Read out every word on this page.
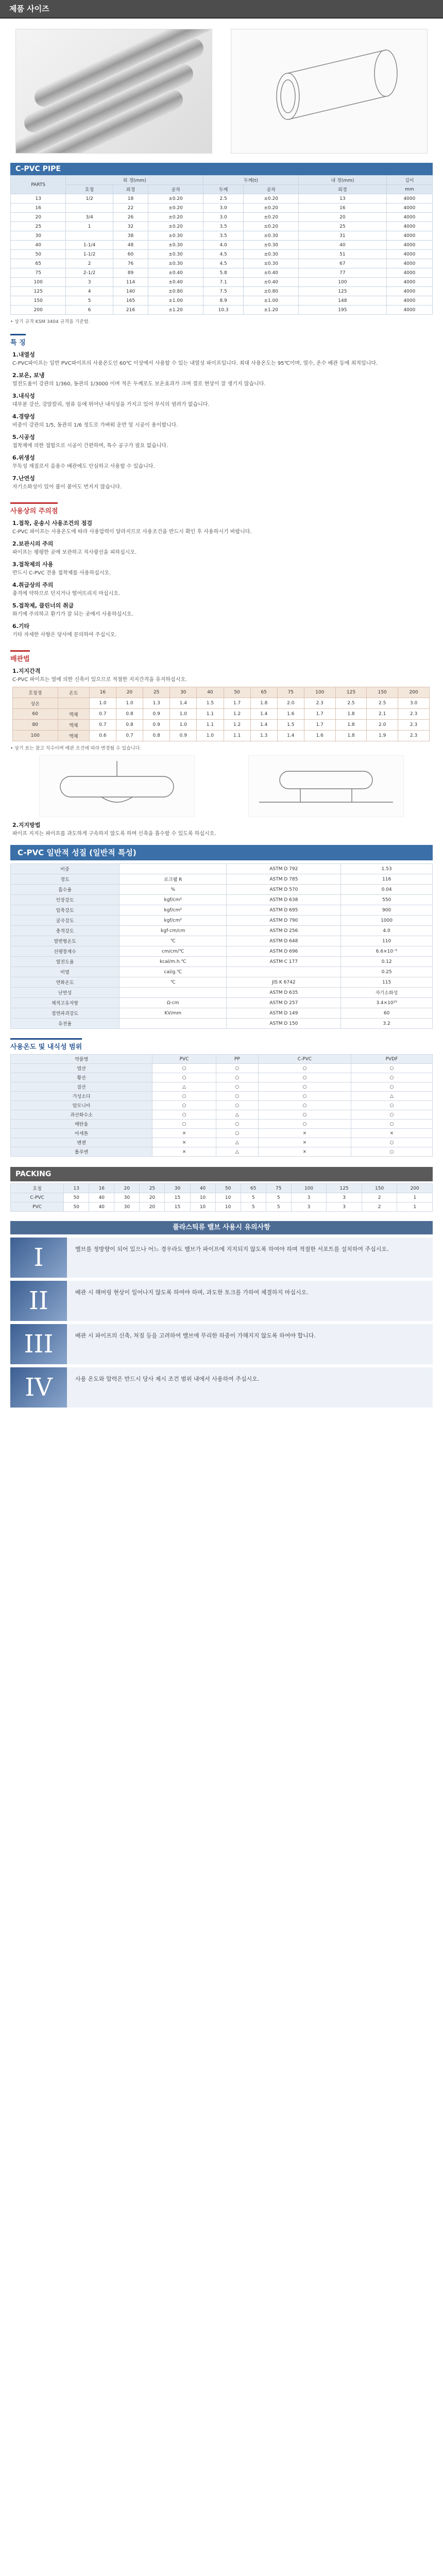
제품 사이즈
C-PVC PIPE
PARTS	외 경(mm)			두께(t)		내 경(mm)	길이
	호칭	외경	공차	두께	공차	외경	mm
13	1/2	18	±0.20	2.5	±0.20	13	4000
16		22	±0.20	3.0	±0.20	16	4000
20	3/4	26	±0.20	3.0	±0.20	20	4000
25	1	32	±0.20	3.5	±0.20	25	4000
30		38	±0.30	3.5	±0.30	31	4000
40	1-1/4	48	±0.30	4.0	±0.30	40	4000
50	1-1/2	60	±0.30	4.5	±0.30	51	4000
65	2	76	±0.30	4.5	±0.30	67	4000
75	2-1/2	89	±0.40	5.8	±0.40	77	4000
100	3	114	±0.40	7.1	±0.40	100	4000
125	4	140	±0.80	7.5	±0.80	125	4000
150	5	165	±1.00	8.9	±1.00	148	4000
200	6	216	±1.20	10.3	±1.20	195	4000
• 상기 규격 KSM 3404 규격을 기준함.
특 징
1.내열성

C-PVC파이프는 일반 PVC파이프의 사용온도인 60℃ 이상에서 사용할 수 있는 내열성 파이프입니다. 최대 사용온도는 95℃이며, 열수, 온수 배관 등에 최적입니다.

2.보온, 보냉

열전도율이 강관의 1/360, 동관의 1/3000 이며 적은 두께로도 보온효과가 크며 결로 현상이 잘 생기지 않습니다.

3.내식성

대부분 강산, 강알칼리, 염류 등에 뛰어난 내식성을 가지고 있어 부식의 염려가 없습니다.

4.경량성

비중이 강관의 1/5, 동관의 1/6 정도로 가벼워 운반 및 시공이 용이합니다.

5.시공성

접착제에 의한 접합으로 시공이 간편하며, 특수 공구가 필요 없습니다.

6.위생성

무독성 재질로서 음용수 배관에도 안심하고 사용할 수 있습니다.

7.난연성

자기소화성이 있어 불이 붙어도 번지지 않습니다.

사용상의 주의점
1.접착, 운송시 사용조건의 점검

C-PVC 파이프는 사용온도에 따라 사용압력이 달라지므로 사용조건을 반드시 확인 후 사용하시기 바랍니다.

2.보관시의 주의

파이프는 평평한 곳에 보관하고 직사광선을 피하십시오.

3.접착제의 사용

반드시 C-PVC 전용 접착제를 사용하십시오.

4.취급상의 주의

충격에 약하므로 던지거나 떨어뜨리지 마십시오.

5.접착제, 클린너의 취급

화기에 주의하고 환기가 잘 되는 곳에서 사용하십시오.

6.기타

기타 자세한 사항은 당사에 문의하여 주십시오.

배관법
1.지지간격

C-PVC 파이프는 열에 의한 신축이 있으므로 적절한 지지간격을 유지하십시오.

호칭경	온도	16	20	25	30	40	50	65	75	100	125	150	200
상온		1.0	1.0	1.3	1.4	1.5	1.7	1.8	2.0	2.3	2.5	2.5	3.0
60	액체	0.7	0.8	0.9	1.0	1.1	1.2	1.4	1.6	1.7	1.8	2.1	2.3
80	액체	0.7	0.8	0.9	1.0	1.1	1.2	1.4	1.5	1.7	1.8	2.0	2.3
100	액체	0.6	0.7	0.8	0.9	1.0	1.1	1.3	1.4	1.6	1.8	1.9	2.3
• 상기 표는 참고 치수이며 배관 조건에 따라 변경될 수 있습니다.
2.지지방법

파이프 지지는 파이프를 과도하게 구속하지 않도록 하며 신축을 흡수할 수 있도록 하십시오.

C-PVC 일반적 성질 (일반적 특성)
비중		ASTM D 792	1.53
경도	로크웰 R	ASTM D 785	116
흡수율	%	ASTM D 570	0.04
인장강도	kgf/cm²	ASTM D 638	550
압축강도	kgf/cm²	ASTM D 695	900
굴곡강도	kgf/cm²	ASTM D 790	1000
충격강도	kgf·cm/cm	ASTM D 256	4.0
열변형온도	℃	ASTM D 648	110
선팽창계수	cm/cm/℃	ASTM D 696	6.6×10⁻⁵
열전도율	kcal/m.h.℃	ASTM C 177	0.12
비열	cal/g.℃		0.25
연화온도	℃	JIS K 6742	115
난연성		ASTM D 635	자기소화성
체적고유저항	Ω·cm	ASTM D 257	3.4×10¹⁵
절연파괴강도	KV/mm	ASTM D 149	60
유전율		ASTM D 150	3.2
사용온도 및 내식성 범위
약품명	PVC	PP	C-PVC	PVDF
염산	○	○	○	○
황산	○	○	○	○
질산	△	○	○	○
가성소다	○	○	○	△
암모니아	○	○	○	○
과산화수소	○	△	○	○
메탄올	○	○	○	○
아세톤	×	○	×	×
벤젠	×	△	×	○
톨루엔	×	△	×	○
PACKING
호칭	13	16	20	25	30	40	50	65	75	100	125	150	200
C-PVC	50	40	30	20	15	10	10	5	5	3	3	2	1
PVC	50	40	30	20	15	10	10	5	5	3	3	2	1
플라스틱류 밸브 사용시 유의사항
I	밸브를 정방향이 되어 있으나 어느 경우라도 벨브가 파이프에 지지되지 않도록 하여야 하며 적절한 서포트를 설치하여 주십시오.
II	배관 시 해머링 현상이 일어나지 않도록 하여야 하며, 과도한 토크를 가하여 체결하지 마십시오.
III	배관 시 파이프의 신축, 처짐 등을 고려하여 밸브에 무리한 하중이 가해지지 않도록 하여야 합니다.
IV	사용 온도와 압력은 반드시 당사 제시 조건 범위 내에서 사용하여 주십시오.
